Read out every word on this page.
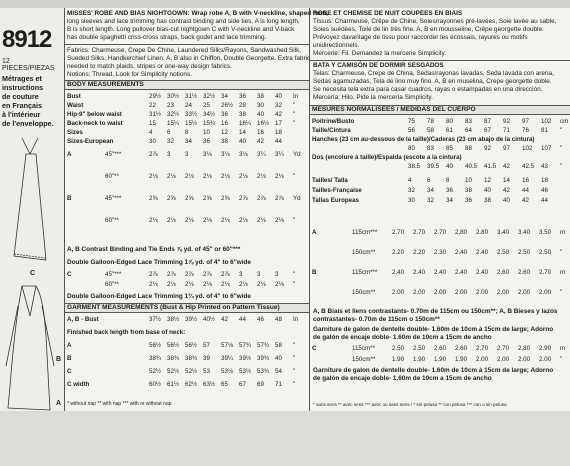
8912
12 PIECES/PIEZAS
Métrages et
instructions
de couture
en Français
à l'intérieur
de l'enveloppe.
C
B
A
MISSES' ROBE AND BIAS NIGHTGOWN: Wrap robe A, B with V-neckline, shaped hem,
long sleeves and lace trimming has contrast binding and side ties. A is long length,
B is short length. Long pullover bias-cut nightgown C with V-neckline and V-back
has double spaghetti criss-cross straps, back godet and lace trimming.
Fabrics: Charmeuse, Crepe De Chine, Laundered Silks/Rayons, Sandwashed Silk,
Sueded Silks, Handkerchief Linen. A, B also in Chiffon, Double Georgette. Extra fabric
needed to match plaids, stripes or one-way design fabrics.
Notions: Thread. Look for Simplicity notions.
BODY MEASUREMENTS
Bust	29½ 30½ 31½ 32½ 34 36 38 40 In
Waist	22 23 24 25 26½ 28 30 32 "
Hip-9" below waist	31½ 32½ 33½ 34½ 36 38 40 42 "
Back-neck to waist	15 15¼ 15½ 15¾ 16 16¼ 16½ 17 "
Sizes	4 6 8 10 12 14 16 18
Sizes-European	30 32 34 36 38 40 42 44
A	45"***	2⅞ 3 3 3⅛ 3⅛ 3⅛ 3¼ 3¼ Yd
60"**	2⅛ 2⅛ 2⅛ 2⅛ 2⅛ 2⅛ 2⅛ 2⅛ "
B	45"***	2⅝ 2⅝ 2⅝ 2⅝ 2⅝ 2⅞ 2⅞ 2⅞ Yd
60"**	2⅛ 2⅛ 2⅛ 2⅛ 2⅛ 2⅛ 2⅛ 2⅛ "
A, B Contrast Binding and Tie Ends ⅞ yd. of 45" or 60"***
Double Galloon-Edged Lace Trimming 1⅞ yd. of 4" to 6"wide
C	45"***	2⅞ 2⅞ 2⅞ 2⅞ 2⅞ 3 3 3 "
60"**	2⅛ 2⅛ 2⅛ 2⅛ 2⅛ 2⅛ 2⅛ 2⅛ "
Double Galloon-Edged Lace Trimming 1¾ yd. of 4" to 6"wide
GARMENT MEASUREMENTS (Bust & Hip Printed on Pattern Tissue)
A, B - Bust	37½ 38½ 39½ 40½ 42 44 46 48 In
Finished back length from base of neck:
A	56½ 56½ 56½ 57 57⅛ 57¾ 57¾ 58 "
B	38¾ 38¾ 38¾ 39 39¼ 39½ 39¾ 40 "
C	52½ 52½ 52½ 53 53⅛ 53½ 53¾ 54 "
C width	60½ 61½ 62½ 63½ 65 67 69 71 "
* without nap ** with nap *** with or without nap
ROBE ET CHEMISE DE NUIT COUPEES EN BIAIS
Tissus: Charmeuse, Crêpe de Chine, Soies/rayonnes pré-lavées, Soie lavée au sable,
Soies suédées, Toile de lin très fine. A, B en mousseline, Crêpe georgette double.
Prévoyez davantage de tissu pour raccorder les écossais, rayures ou motifs
unidirectionnels.
Mercerie: Fil. Demandez la mercerie Simplicity.
BATA Y CAMISÓN DE DORMIR SESGADOS
Telas: Charmeuse, Crepe de China, Sedas/rayonas lavadas, Seda lavada con arena,
Sedas agamuzadas, Tela de lino muy fino. A, B en muselina, Crepe georgette doble.
Se necesita tela extra para casar cuadros, rayas o estampadas en una dirección.
Mercería: Hilo. Pide la mercería Simplicity.
MESURES NORMALISEES / MEDIDAS DEL CUERPO
Poitrine/Busto	75 78 80 83 87 92 97 102 cm
Taille/Cintura	56 58 61 64 67 71 76 81 "
Hanches (23 cm au-dessous de la taille)/Caderas (23 cm abajo de la cintura)
80 83 85 88 92 97 102 107 "
Dos (encolure à taille)/Espalda (escote a la cintura)
38.5 39.5 40 40.5 41.5 42 42.5 43 "
Tailles/ Talla	4	6	8	10 12 14 16 18
Tailles-Française	32 34 36 38 40 42 44 46
Tallas Europeas	30 32 34 36 38 40 42 44
A	115cm*** 2.70 2.70 2.70 2.80 2.80 3.40 3.40 3.50 m
150cm**	2.20 2.20 2.30 2.40 2.40 2.50 2.50 2.50 "
B	115cm*** 2.40 2.40 2.40 2.40 2.40 2.60 2.60 2.70 m
150cm**	2.00 2.00 2.00 2.00 2.00 2.00 2.00 2.00 "
A, B Biais et liens contrastants- 0.70m de 115cm ou 150cm**; A, B Bieses y lazos
contrastantes- 0.70m de 115cm o 150cm**
Garniture de galon de dentelle double- 1.60m de 10cm à 15cm de large; Adorno
de galón de encaje doble- 1.60m de 10cm a 15cm de ancho
C	115cm**	2.50 2.50 2.60 2.60 2.70 2.70 2.80 2.90 m
150cm**	1.90 1.90 1.90 1.90 2.00 2.00 2.00 2.00 "
Garniture de galon de dentelle double- 1.60m de 10cm à 15cm de large; Adorno
de galón de encaje doble- 1.60m de 10cm a 15cm de ancho
* sans sens ** avec sens *** avec ou sans sens / * sin pelusa ** con pelusa *** con o sin pelusa
